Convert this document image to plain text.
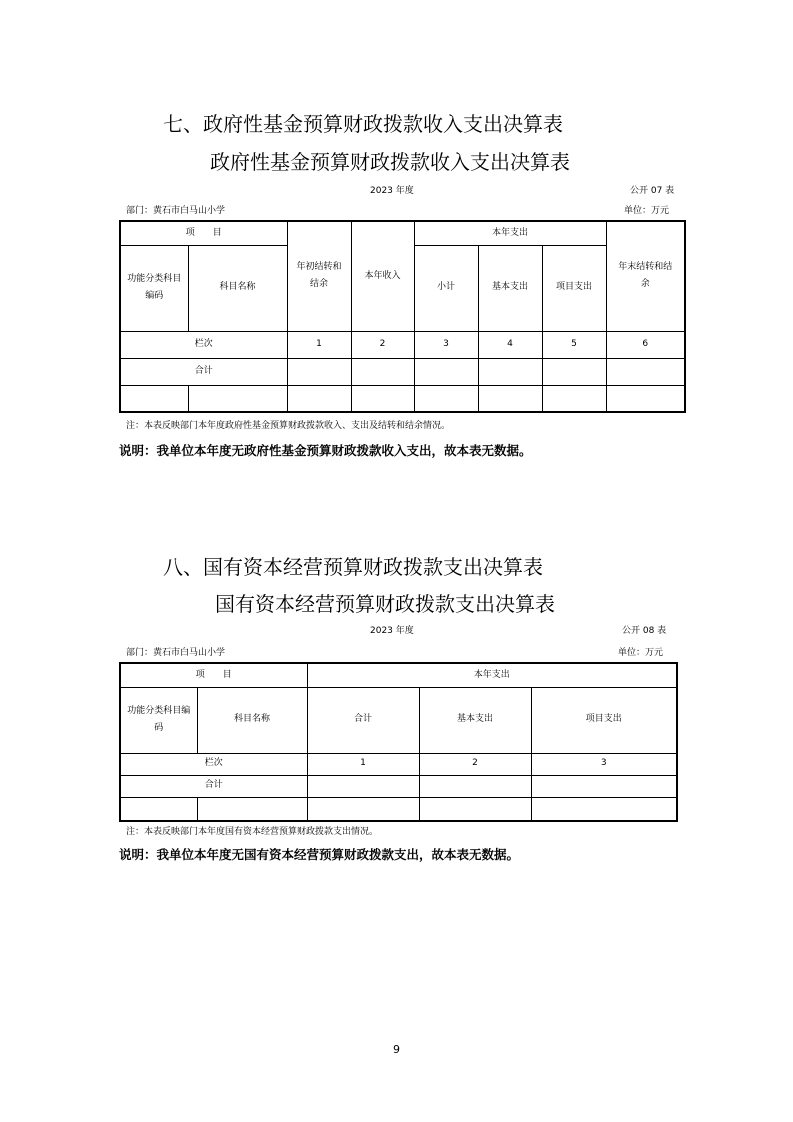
七、政府性基金预算财政拨款收入支出决算表
政府性基金预算财政拨款收入支出决算表
2023 年度	公开 07 表
部门：黄石市白马山小学	单位：万元
项　　目		年初结转和结余	本年收入	本年支出			年末结转和结余
功能分类科目编码	科目名称			小计	基本支出	项目支出	
栏次		1	2	3	4	5	6
合计							

注：本表反映部门本年度政府性基金预算财政拨款收入、支出及结转和结余情况。
说明：我单位本年度无政府性基金预算财政拨款收入支出，故本表无数据。
八、国有资本经营预算财政拨款支出决算表
国有资本经营预算财政拨款支出决算表
2023 年度	公开 08 表
部门：黄石市白马山小学	单位：万元
项　　目		本年支出		
功能分类科目编码	科目名称	合计	基本支出	项目支出
栏次		1	2	3
合计				

注：本表反映部门本年度国有资本经营预算财政拨款支出情况。
说明：我单位本年度无国有资本经营预算财政拨款支出，故本表无数据。
9
